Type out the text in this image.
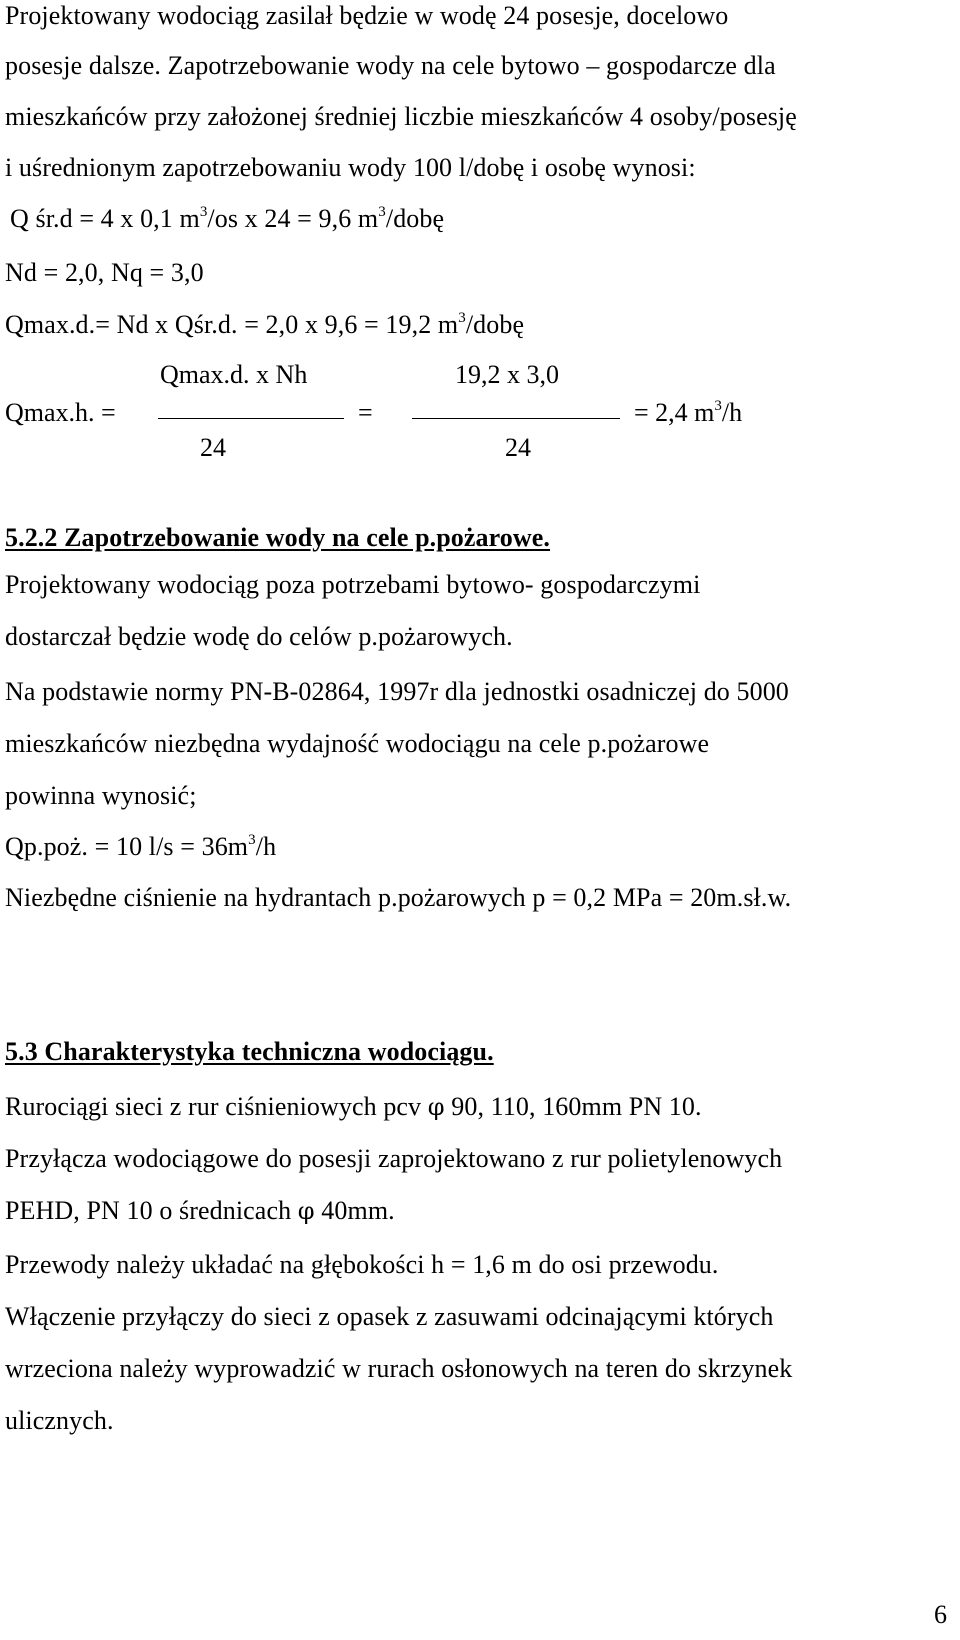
Projektowany wodociąg zasilał będzie w wodę 24 posesje, docelowo
posesje dalsze. Zapotrzebowanie wody na cele bytowo – gospodarcze dla
mieszkańców przy założonej średniej liczbie mieszkańców 4 osoby/posesję
i uśrednionym zapotrzebowaniu wody 100 l/dobę i osobę wynosi:
Q śr.d = 4 x 0,1 $m^3/os$ x 24 = 9,6 $m^3$/dobę
Nd = 2,0, Nq = 3,0
Qmax.d.= Nd x Qśr.d. = 2,0 x 9,6 = 19,2 $m^3$/dobę
Qmax.d. x Nh
Qmax.h. =	=
19,2 x 3,0
= 2,4 $m^3/h$
24	24
5.2.2 Zapotrzebowanie wody na cele p.pożarowe.
Projektowany wodociąg poza potrzebami bytowo- gospodarczymi
dostarczał będzie wodę do celów p.pożarowych.
Na podstawie normy PN-B-02864, 1997r dla jednostki osadniczej do 5000
mieszkańców niezbędna wydajność wodociągu na cele p.pożarowe
powinna wynosić;
Qp.poż. = 10 $l/s = 36m^3/h$
Niezbędne ciśnienie na hydrantach p.pożarowych p = 0,2 MPa = 20m.sł.w.
5.3 Charakterystyka techniczna wodociągu.
Rurociągi sieci z rur ciśnieniowych pcv φ 90, 110, 160mm PN 10.
Przyłącza wodociągowe do posesji zaprojektowano z rur polietylenowych
PEHD, PN 10 o średnicach φ 40mm.
Przewody należy układać na głębokości h = 1,6 m do osi przewodu.
Włączenie przyłączy do sieci z opasek z zasuwami odcinającymi których
wrzeciona należy wyprowadzić w rurach osłonowych na teren do skrzynek
ulicznych.
6
